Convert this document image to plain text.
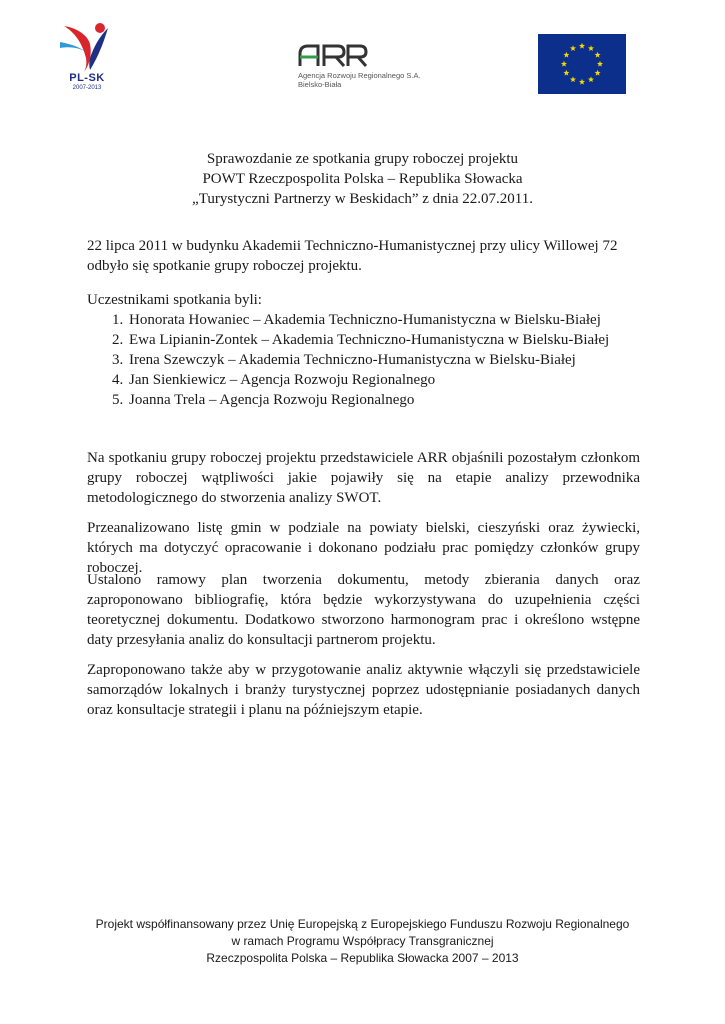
PL-SK
2007-2013
Agencja Rozwoju Regionalnego S.A.
Bielsko-Biała
Sprawozdanie ze spotkania grupy roboczej projektu
POWT Rzeczpospolita Polska – Republika Słowacka
„Turystyczni Partnerzy w Beskidach” z dnia 22.07.2011.
22 lipca 2011 w budynku Akademii Techniczno-Humanistycznej przy ulicy Willowej 72 odbyło się spotkanie grupy roboczej projektu.
Uczestnikami spotkania byli:
1. Honorata Howaniec – Akademia Techniczno-Humanistyczna w Bielsku-Białej
2. Ewa Lipianin-Zontek – Akademia Techniczno-Humanistyczna w Bielsku-Białej
3. Irena Szewczyk – Akademia Techniczno-Humanistyczna w Bielsku-Białej
4. Jan Sienkiewicz – Agencja Rozwoju Regionalnego
5. Joanna Trela – Agencja Rozwoju Regionalnego
Na spotkaniu grupy roboczej projektu przedstawiciele ARR objaśnili pozostałym członkom grupy roboczej wątpliwości jakie pojawiły się na etapie analizy przewodnika metodologicznego do stworzenia analizy SWOT.
Przeanalizowano listę gmin w podziale na powiaty bielski, cieszyński oraz żywiecki, których ma dotyczyć opracowanie i dokonano podziału prac pomiędzy członków grupy roboczej.
Ustalono ramowy plan tworzenia dokumentu, metody zbierania danych oraz zaproponowano bibliografię, która będzie wykorzystywana do uzupełnienia części teoretycznej dokumentu. Dodatkowo stworzono harmonogram prac i określono wstępne daty przesyłania analiz do konsultacji partnerom projektu.
Zaproponowano także aby w przygotowanie analiz aktywnie włączyli się przedstawiciele samorządów lokalnych i branży turystycznej poprzez udostępnianie posiadanych danych oraz konsultacje strategii i planu na późniejszym etapie.
Projekt współfinansowany przez Unię Europejską z Europejskiego Funduszu Rozwoju Regionalnego
w ramach Programu Współpracy Transgranicznej
Rzeczpospolita Polska – Republika Słowacka 2007 – 2013
